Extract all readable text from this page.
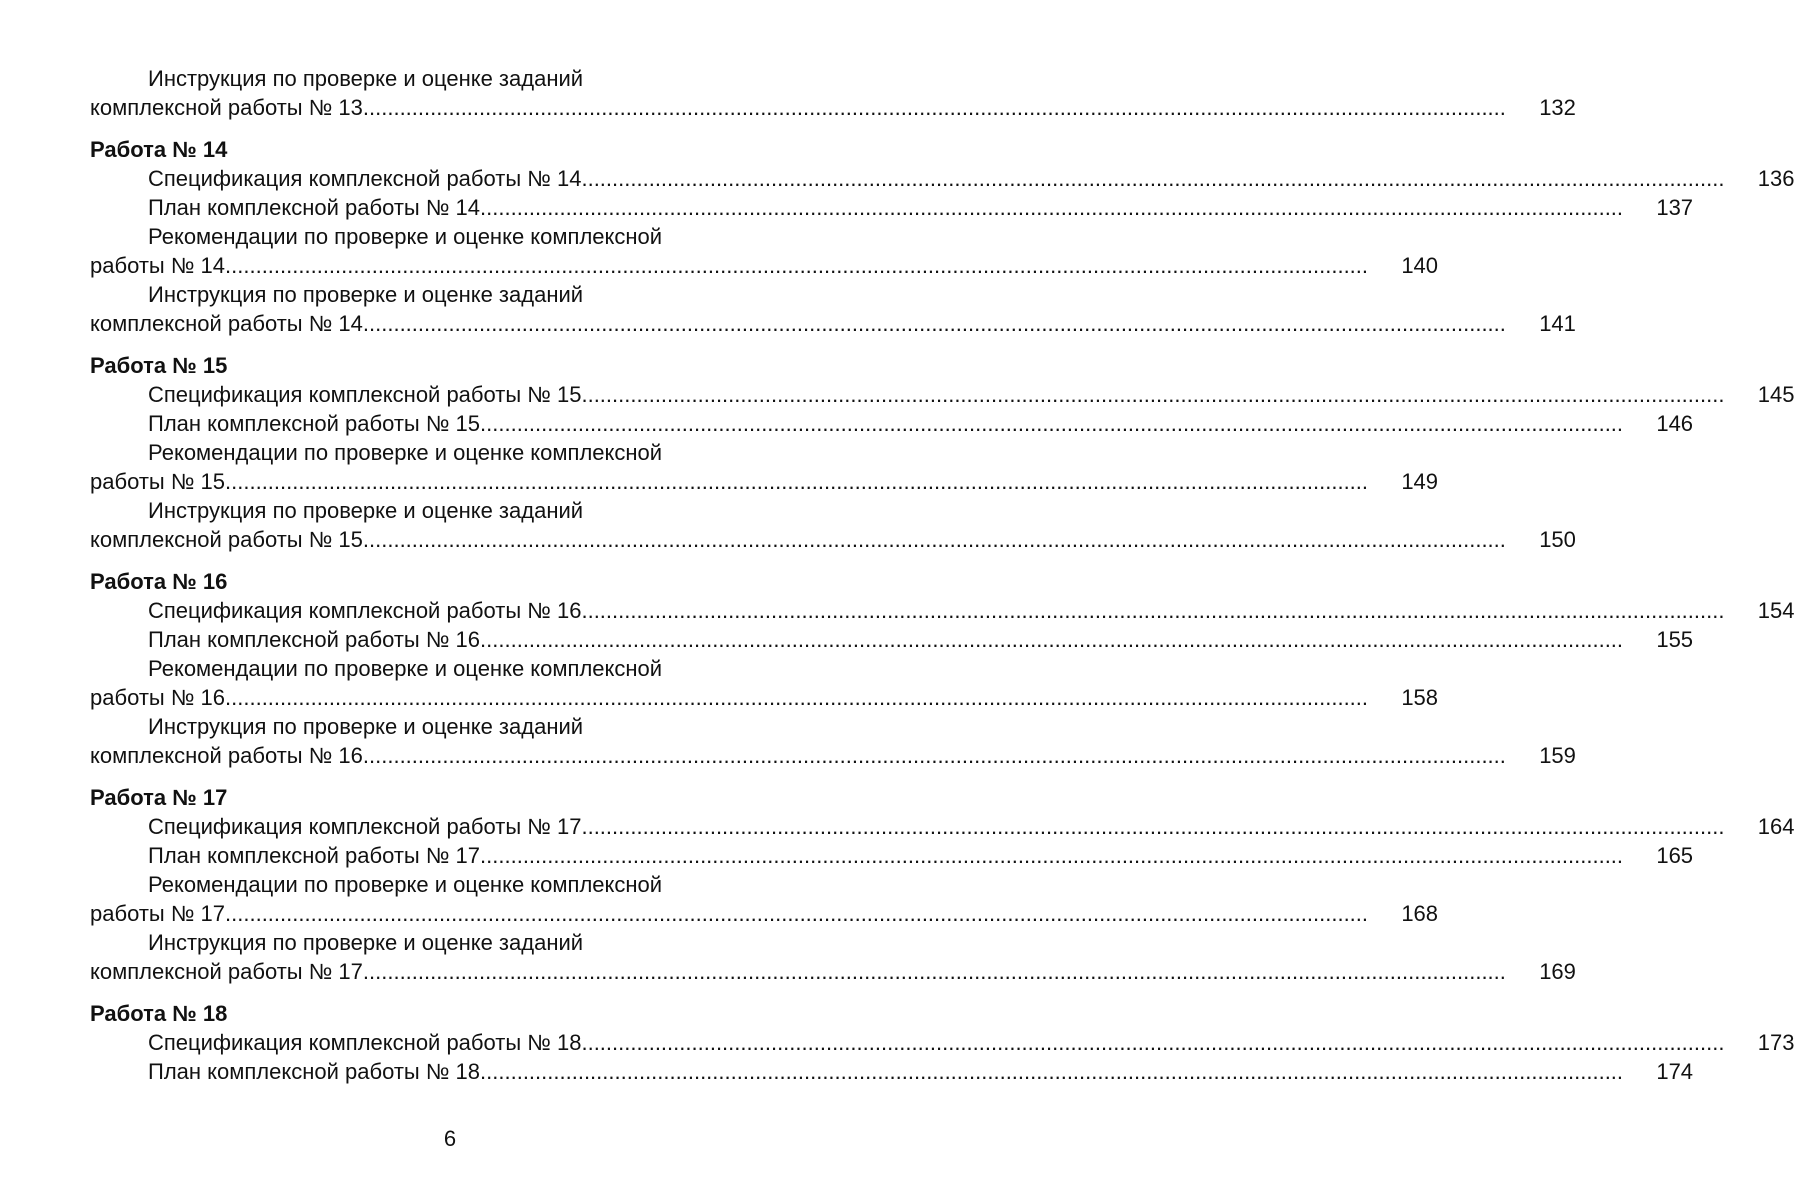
Инструкция по проверке и оценке заданий
комплексной работы № 13 ...........................................................................................................................................................................................	132
Работа № 14
Спецификация комплексной работы № 14 ...........................................................................................................................................................................................	136
План комплексной работы № 14 ...........................................................................................................................................................................................	137
Рекомендации по проверке и оценке комплексной
работы № 14 ...........................................................................................................................................................................................	140
Инструкция по проверке и оценке заданий
комплексной работы № 14 ...........................................................................................................................................................................................	141
Работа № 15
Спецификация комплексной работы № 15 ...........................................................................................................................................................................................	145
План комплексной работы № 15 ...........................................................................................................................................................................................	146
Рекомендации по проверке и оценке комплексной
работы № 15 ...........................................................................................................................................................................................	149
Инструкция по проверке и оценке заданий
комплексной работы № 15 ...........................................................................................................................................................................................	150
Работа № 16
Спецификация комплексной работы № 16 ...........................................................................................................................................................................................	154
План комплексной работы № 16 ...........................................................................................................................................................................................	155
Рекомендации по проверке и оценке комплексной
работы № 16 ...........................................................................................................................................................................................	158
Инструкция по проверке и оценке заданий
комплексной работы № 16 ...........................................................................................................................................................................................	159
Работа № 17
Спецификация комплексной работы № 17 ...........................................................................................................................................................................................	164
План комплексной работы № 17 ...........................................................................................................................................................................................	165
Рекомендации по проверке и оценке комплексной
работы № 17 ...........................................................................................................................................................................................	168
Инструкция по проверке и оценке заданий
комплексной работы № 17 ...........................................................................................................................................................................................	169
Работа № 18
Спецификация комплексной работы № 18 ...........................................................................................................................................................................................	173
План комплексной работы № 18 ...........................................................................................................................................................................................	174
6
